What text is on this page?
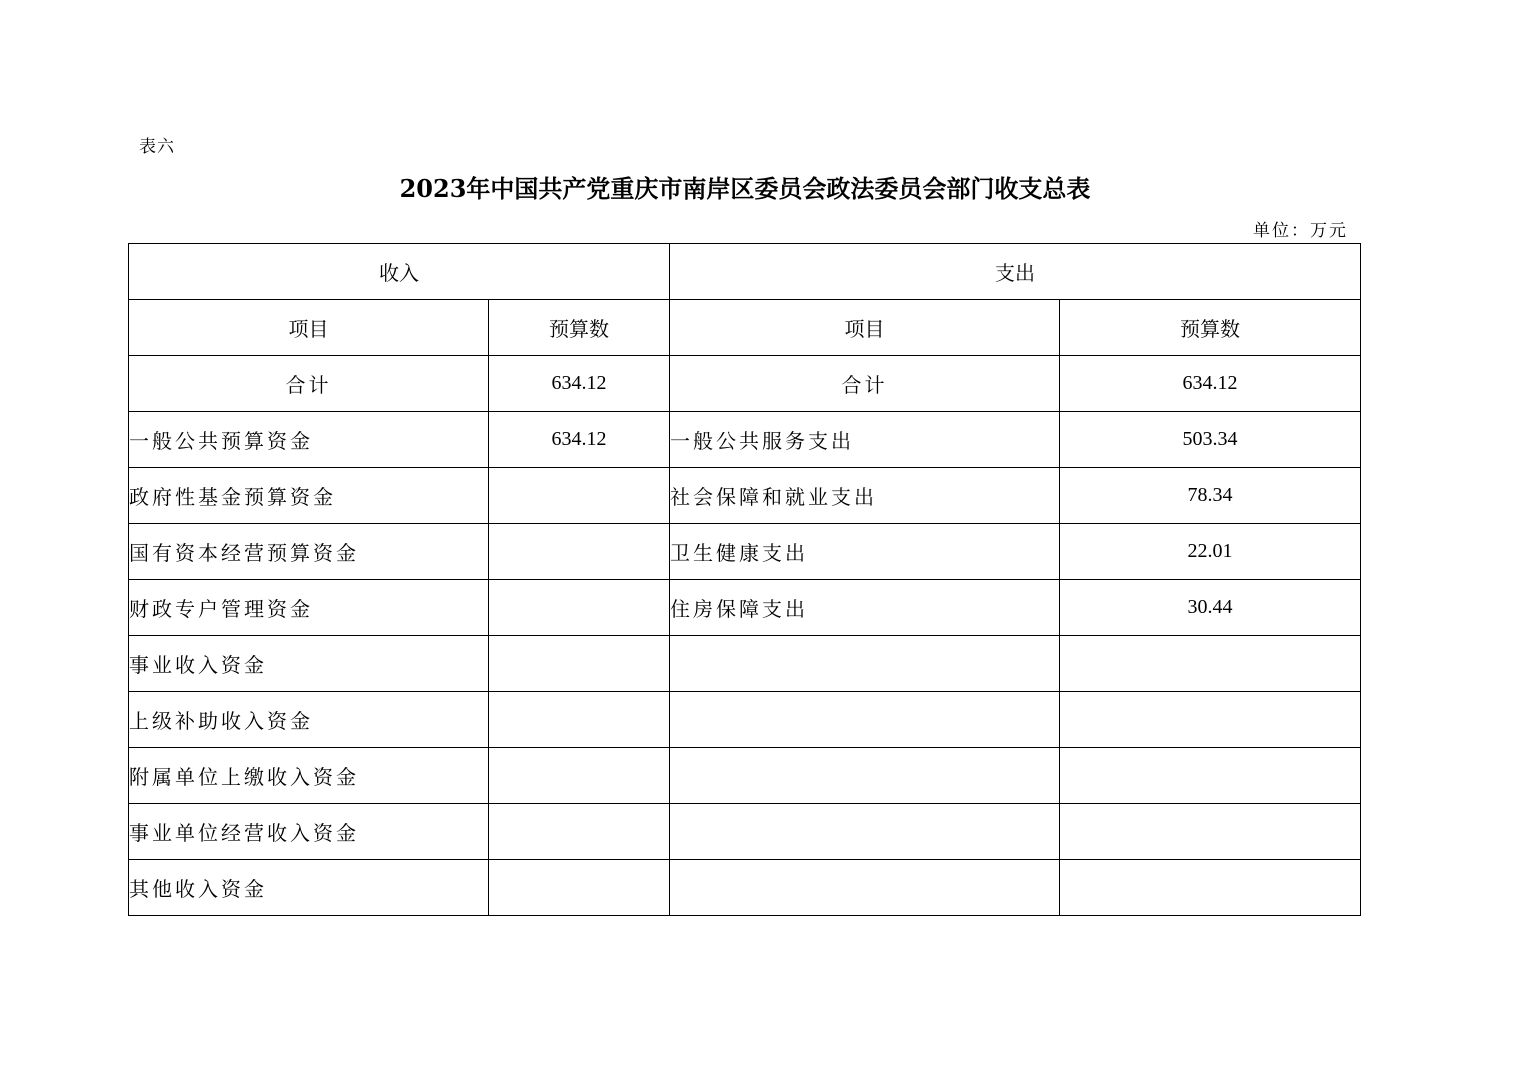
表六
2023年中国共产党重庆市南岸区委员会政法委员会部门收支总表
单位：万元
收入		支出	
项目	预算数	项目	预算数
合计	634.12	合计	634.12
一般公共预算资金	634.12	一般公共服务支出	503.34
政府性基金预算资金		社会保障和就业支出	78.34
国有资本经营预算资金		卫生健康支出	22.01
财政专户管理资金		住房保障支出	30.44
事业收入资金			
上级补助收入资金			
附属单位上缴收入资金			
事业单位经营收入资金			
其他收入资金			
